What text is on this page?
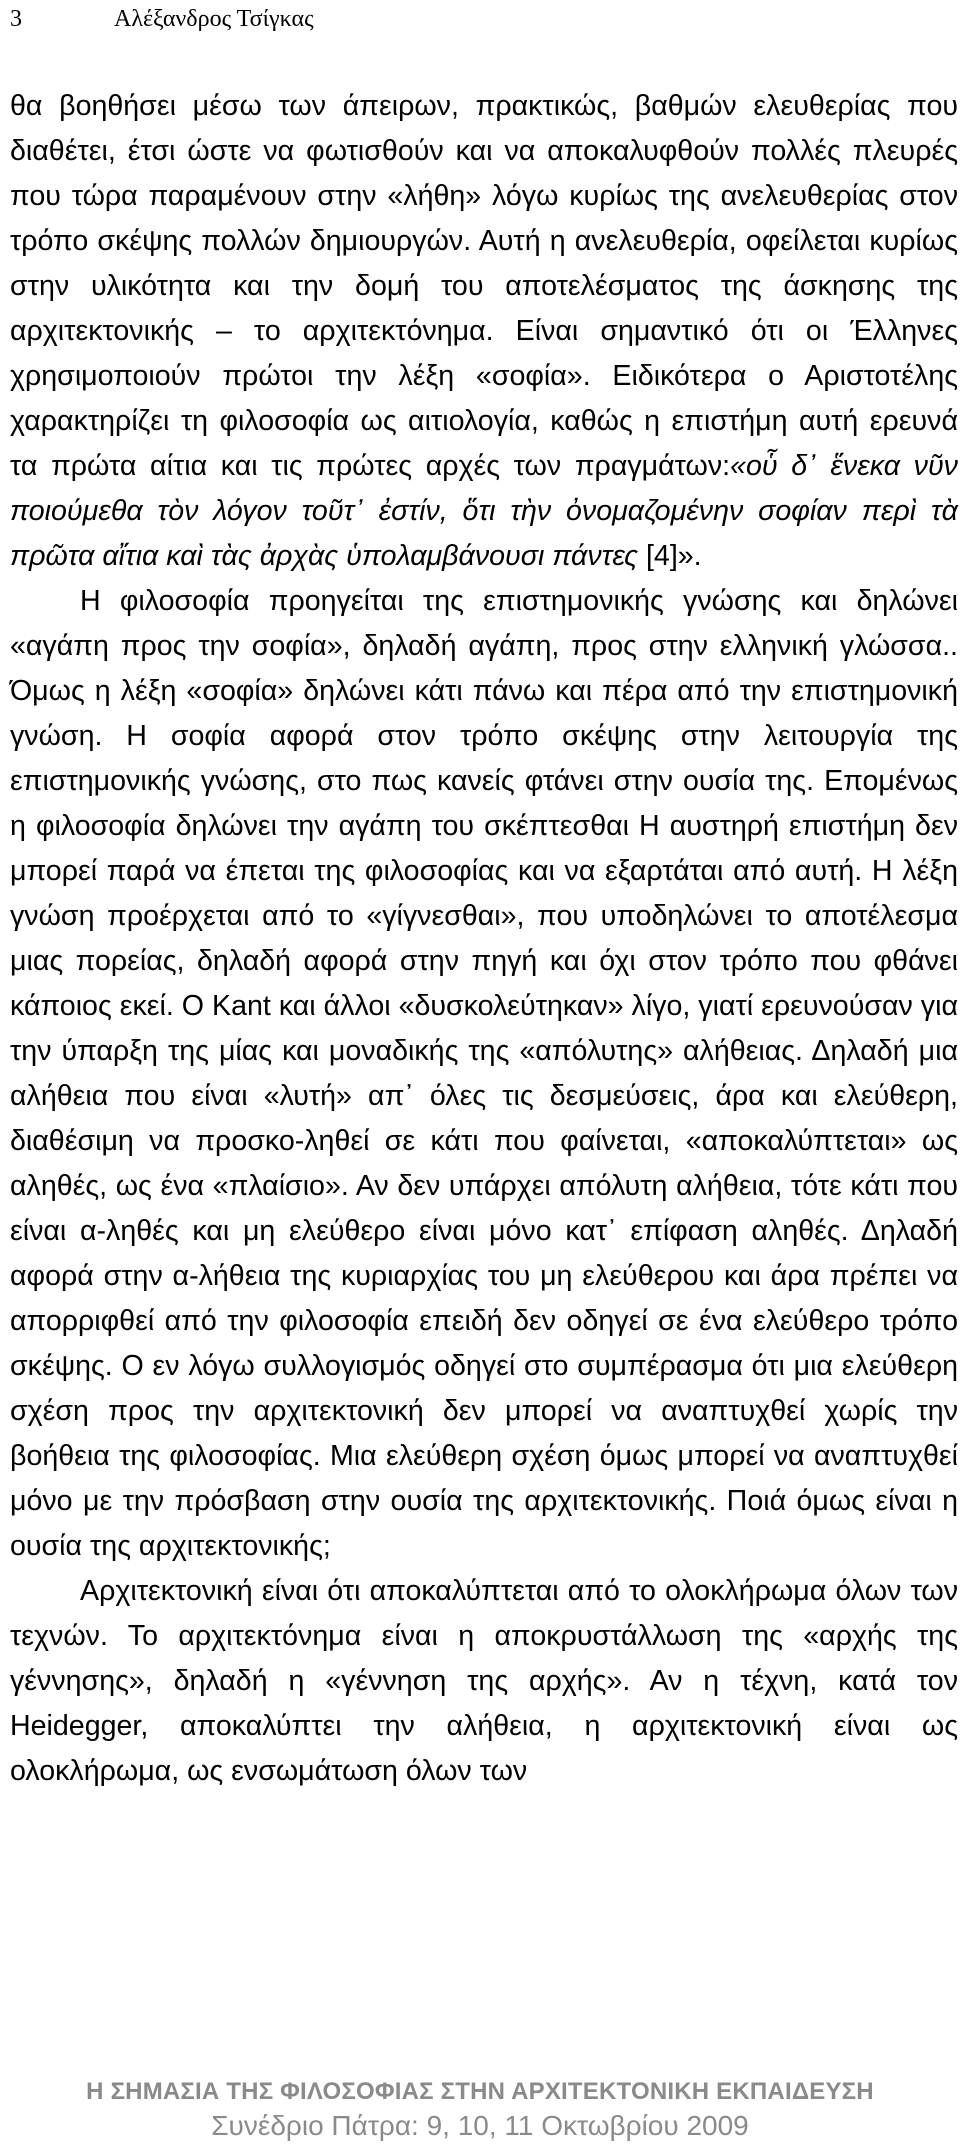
3	Αλέξανδρος Τσίγκας

θα βοηθήσει μέσω των άπειρων, πρακτικώς, βαθμών ελευθερίας που διαθέτει, έτσι ώστε να φωτισθούν και να αποκαλυφθούν πολλές πλευρές που τώρα παραμένουν στην «λήθη» λόγω κυρίως της ανελευθερίας στον τρόπο σκέψης πολλών δημιουργών. Αυτή η ανελευθερία, οφείλεται κυρίως στην υλικότητα και την δομή του αποτελέσματος της άσκησης της αρχιτεκτονικής – το αρχιτεκτόνημα. Είναι σημαντικό ότι οι Έλληνες χρησιμοποιούν πρώτοι την λέξη «σοφία». Ειδικότερα ο Αριστοτέλης χαρακτηρίζει τη φιλοσοφία ως αιτιολογία, καθώς η επιστήμη αυτή ερευνά τα πρώτα αίτια και τις πρώτες αρχές των πραγμάτων:«οὗ δ᾽ ἕνεκα νῦν ποιούμεθα τὸν λόγον τοῦτ᾽ ἐστίν, ὅτι τὴν ὀνομαζομένην σοφίαν περὶ τὰ πρῶτα αἴτια καὶ τὰς ἀρχὰς ὑπολαμβάνουσι πάντες [4]».

Η φιλοσοφία προηγείται της επιστημονικής γνώσης και δηλώνει «αγάπη προς την σοφία», δηλαδή αγάπη, προς στην ελληνική γλώσσα.. Όμως η λέξη «σοφία» δηλώνει κάτι πάνω και πέρα από την επιστημονική γνώση. Η σοφία αφορά στον τρόπο σκέψης στην λειτουργία της επιστημονικής γνώσης, στο πως κανείς φτάνει στην ουσία της. Επομένως η φιλοσοφία δηλώνει την αγάπη του σκέπτεσθαι Η αυστηρή επιστήμη δεν μπορεί παρά να έπεται της φιλοσοφίας και να εξαρτάται από αυτή. Η λέξη γνώση προέρχεται από το «γίγνεσθαι», που υποδηλώνει το αποτέλεσμα μιας πορείας, δηλαδή αφορά στην πηγή και όχι στον τρόπο που φθάνει κάποιος εκεί. Ο Kant και άλλοι «δυσκολεύτηκαν» λίγο, γιατί ερευνούσαν για την ύπαρξη της μίας και μοναδικής της «απόλυτης» αλήθειας. Δηλαδή μια αλήθεια που είναι «λυτή» απ᾽ όλες τις δεσμεύσεις, άρα και ελεύθερη, διαθέσιμη να προσκο-ληθεί σε κάτι που φαίνεται, «αποκαλύπτεται» ως αληθές, ως ένα «πλαίσιο». Αν δεν υπάρχει απόλυτη αλήθεια, τότε κάτι που είναι α-ληθές και μη ελεύθερο είναι μόνο κατ᾽ επίφαση αληθές. Δηλαδή αφορά στην α-λήθεια της κυριαρχίας του μη ελεύθερου και άρα πρέπει να απορριφθεί από την φιλοσοφία επειδή δεν οδηγεί σε ένα ελεύθερο τρόπο σκέψης. Ο εν λόγω συλλογισμός οδηγεί στο συμπέρασμα ότι μια ελεύθερη σχέση προς την αρχιτεκτονική δεν μπορεί να αναπτυχθεί χωρίς την βοήθεια της φιλοσοφίας. Μια ελεύθερη σχέση όμως μπορεί να αναπτυχθεί μόνο με την πρόσβαση στην ουσία της αρχιτεκτονικής. Ποιά όμως είναι η ουσία της αρχιτεκτονικής;

Αρχιτεκτονική είναι ότι αποκαλύπτεται από το ολοκλήρωμα όλων των τεχνών. Το αρχιτεκτόνημα είναι η αποκρυστάλλωση της «αρχής της γέννησης», δηλαδή η «γέννηση της αρχής». Αν η τέχνη, κατά τον Heidegger, αποκαλύπτει την αλήθεια, η αρχιτεκτονική είναι ως ολοκλήρωμα, ως ενσωμάτωση όλων των

Η ΣΗΜΑΣΙΑ ΤΗΣ ΦΙΛΟΣΟΦΙΑΣ ΣΤΗΝ ΑΡΧΙΤΕΚΤΟΝΙΚΗ ΕΚΠΑΙΔΕΥΣΗ
Συνέδριο Πάτρα: 9, 10, 11 Οκτωβρίου 2009
